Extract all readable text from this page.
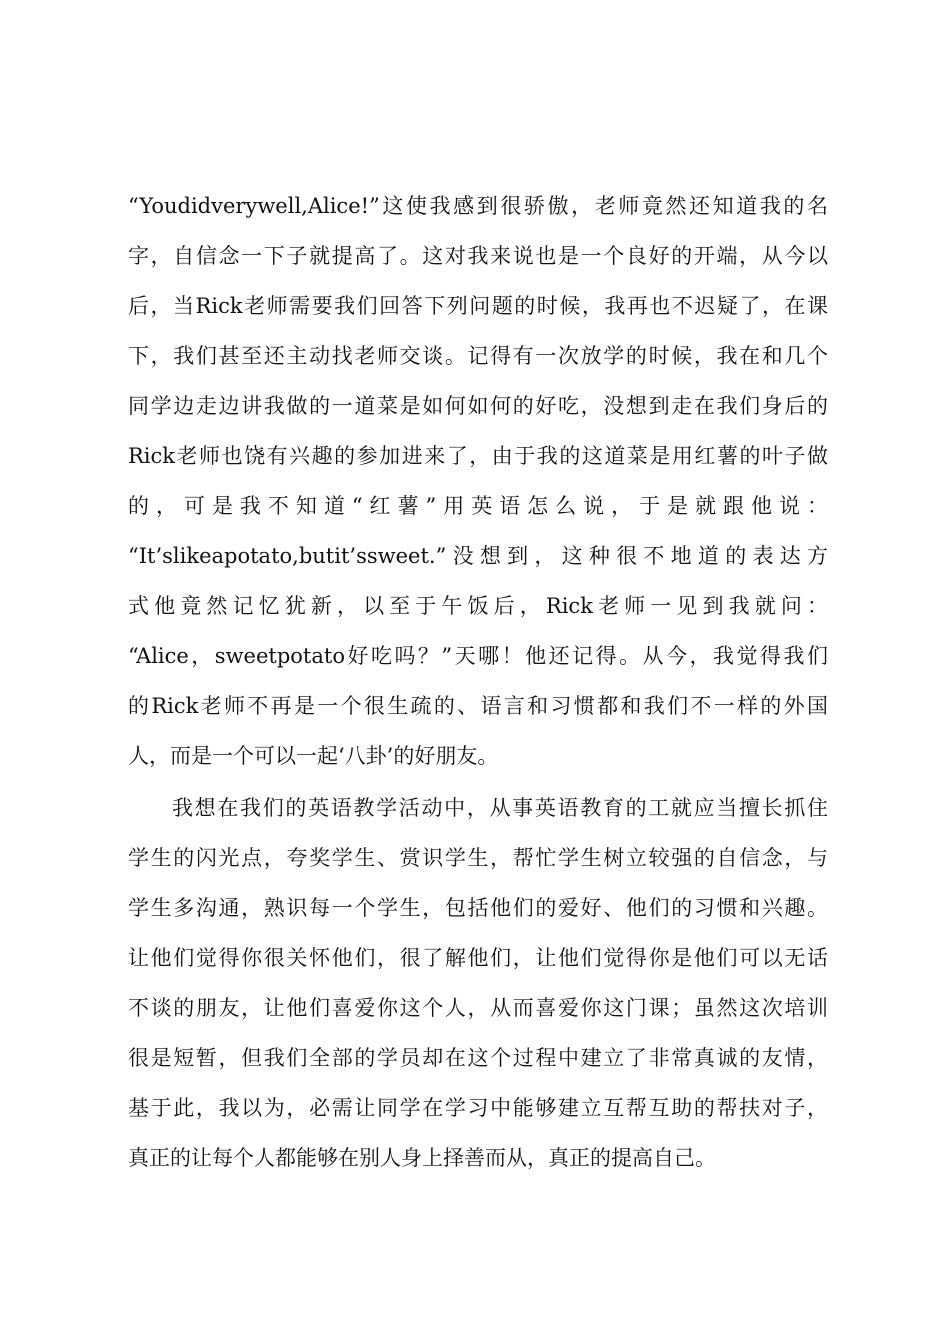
“Youdidverywell,Alice!”这使我感到很骄傲，老师竟然还知道我的名
字，自信念一下子就提高了。这对我来说也是一个良好的开端，从今以
后，当Rick老师需要我们回答下列问题的时候，我再也不迟疑了，在课
下，我们甚至还主动找老师交谈。记得有一次放学的时候，我在和几个
同学边走边讲我做的一道菜是如何如何的好吃，没想到走在我们身后的
Rick老师也饶有兴趣的参加进来了，由于我的这道菜是用红薯的叶子做
的，可是我不知道“红薯”用英语怎么说，于是就跟他说：
“It’slikeapotato,butit’ssweet.”没想到，这种很不地道的表达方
式他竟然记忆犹新，以至于午饭后，Rick老师一见到我就问：
“Alice，sweetpotato好吃吗？”天哪！他还记得。从今，我觉得我们
的Rick老师不再是一个很生疏的、语言和习惯都和我们不一样的外国
人，而是一个可以一起‘八卦’的好朋友。
我想在我们的英语教学活动中，从事英语教育的工就应当擅长抓住
学生的闪光点，夸奖学生、赏识学生，帮忙学生树立较强的自信念，与
学生多沟通，熟识每一个学生，包括他们的爱好、他们的习惯和兴趣。
让他们觉得你很关怀他们，很了解他们，让他们觉得你是他们可以无话
不谈的朋友，让他们喜爱你这个人，从而喜爱你这门课；虽然这次培训
很是短暂，但我们全部的学员却在这个过程中建立了非常真诚的友情，
基于此，我以为，必需让同学在学习中能够建立互帮互助的帮扶对子，
真正的让每个人都能够在别人身上择善而从，真正的提高自己。
